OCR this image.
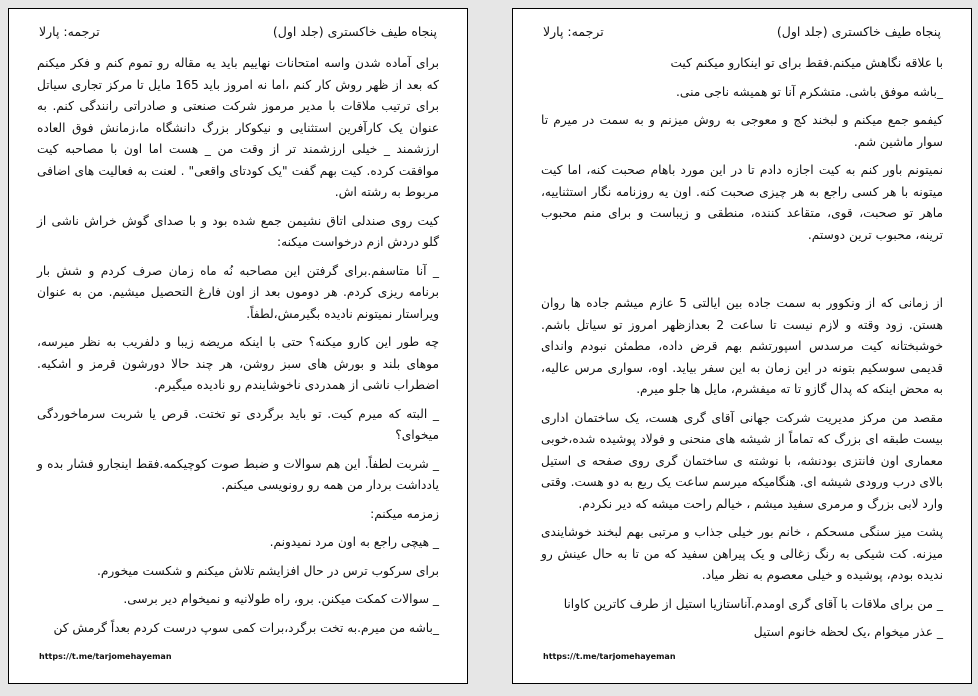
پنجاه طیف خاکستری (جلد اول)
ترجمه: پارلا

برای آماده شدن واسه امتحانات نهاییم باید یه مقاله رو تموم کنم و فکر میکنم که بعد از ظهر روش کار کنم ،اما نه امروز باید 165 مایل تا مرکز تجاری سیاتل برای ترتیب ملاقات با مدیر مرموز شرکت صنعتی و صادراتی رانندگی کنم. به عنوان یک کارآفرین استثنایی و نیکوکار بزرگ دانشگاه ما،زمانش فوق العاده ارزشمند _ خیلی ارزشمند تر از وقت من _ هست اما اون با مصاحبه کیت موافقت کرده. کیت بهم گفت "یک کودتای واقعی" . لعنت به فعالیت های اضافی مربوط به رشته اش.

کیت روی صندلی اتاق نشیمن جمع شده بود و با صدای گوش خراش ناشی از گلو دردش ازم درخواست میکنه:

_ آنا متاسفم.برای گرفتن این مصاحبه نُه ماه زمان صرف کردم و شش بار برنامه ریزی کردم. هر دوموں بعد از اون فارغ التحصیل میشیم. من به عنوان ویراستار نمیتونم نادیده بگیرمش،لطفاً.

چه طور این کارو میکنه؟ حتی با اینکه مریضه زیبا و دلفریب به نظر میرسه، موهای بلند و بورش های سبز روشن، هر چند حالا دورشون قرمز و اشکیه. اضطراب ناشی از همدردی ناخوشایندم رو نادیده میگیرم.

_ البته که میرم کیت. تو باید برگردی تو تختت. قرص یا شربت سرماخوردگی میخوای؟

_ شربت لطفاً. این هم سوالات و ضبط صوت کوچیکمه.فقط اینجارو فشار بده و یادداشت بردار من همه رو رونویسی میکنم.

زمزمه میکنم:

_ هیچی راجع به اون مرد نمیدونم.

برای سرکوب ترس در حال افزایشم تلاش میکنم و شکست میخورم.

_ سوالات کمکت میکنن. برو، راه طولانیه و نمیخوام دیر برسی.

_باشه من میرم.به تخت برگرد،برات کمی سوپ درست کردم بعداً گرمش کن

https://t.me/tarjomehayeman
پنجاه طیف خاکستری (جلد اول)
ترجمه: پارلا

با علاقه نگاهش میکنم.فقط برای تو اینکارو میکنم کیت

_باشه موفق باشی. متشکرم آنا تو همیشه ناجی منی.

کیفمو جمع میکنم و لبخند کج و معوجی به روش میزنم و به سمت در میرم تا سوار ماشین شم.

نمیتونم باور کنم به کیت اجازه دادم تا در این مورد باهام صحبت کنه، اما کیت میتونه با هر کسی راجع به هر چیزی صحبت کنه. اون یه روزنامه نگار استثناییه، ماهر تو صحبت، قوی، متقاعد کننده، منطقی و زیباست و برای منم محبوب ترینه، محبوب ترین دوستم.

از زمانی که از ونکوور به سمت جاده بین ایالتی 5 عازم میشم جاده ها روان هستن. زود وقته و لازم نیست تا ساعت 2 بعدازظهر امروز تو سیاتل باشم. خوشبختانه کیت مرسدس اسپورتشم بهم قرض داده، مطمئن نبودم واندای قدیمی سوسکیم بتونه در این زمان به این سفر بیاید. اوه، سواری مرس عالیه، به محض اینکه که پدال گازو تا ته میفشرم، مایل ها جلو میرم.

مقصد من مرکز مدیریت شرکت جهانی آقای گری هست، یک ساختمان اداری بیست طبقه ای بزرگ که تماماً از شیشه های منحنی و فولاد پوشیده شده،خوبی معماری اون فانتزی بودنشه، با نوشته ی ساختمان گری روی صفحه ی استیل بالای درب ورودی شیشه ای. هنگامیکه میرسم ساعت یک ربع به دو هست. وقتی وارد لابی بزرگ و مرمری سفید میشم ، خیالم راحت میشه که دیر نکردم.

پشت میز سنگی مسحکم ، خانم بور خیلی جذاب و مرتبی بهم لبخند خوشایندی میزنه. کت شیکی به رنگ زغالی و یک پیراهن سفید که من تا به حال عینش رو ندیده بودم، پوشیده و خیلی معصوم به نظر میاد.

_ من برای ملاقات با آقای گری اومدم.آناستازیا استیل از طرف کاترین کاوانا

_ عذر میخوام ،یک لحظه خانوم استیل

https://t.me/tarjomehayeman
